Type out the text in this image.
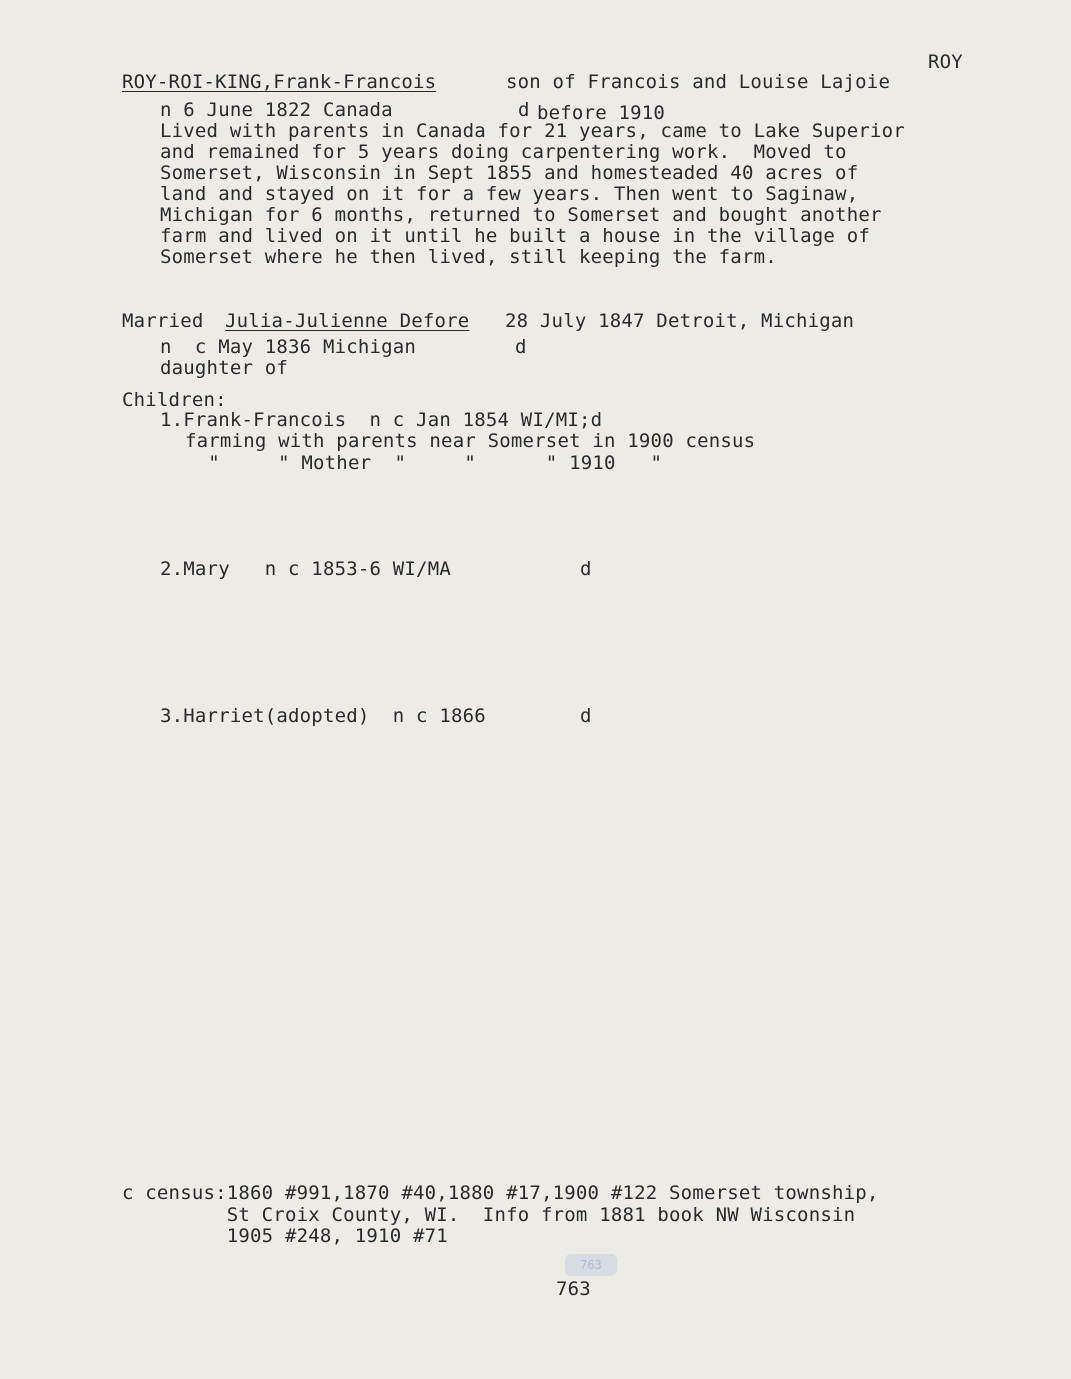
ROY
ROY-ROI-KING,Frank-Francois	son of Francois and Louise Lajoie
n 6 June 1822 Canada	d before 1910
Lived with parents in Canada for 21 years, came to Lake Superior
and remained for 5 years doing carpentering work.  Moved to
Somerset, Wisconsin in Sept 1855 and homesteaded 40 acres of
land and stayed on it for a few years. Then went to Saginaw,
Michigan for 6 months, returned to Somerset and bought another
farm and lived on it until he built a house in the village of
Somerset where he then lived, still keeping the farm.
Married Julia-Julienne Defore 28 July 1847 Detroit, Michigan
n  c May 1836 Michigan	d
daughter of
Children:
1.Frank-Francois  n c Jan 1854 WI/MI;d
farming with parents near Somerset in 1900 census
"     " Mother  "     "      " 1910   "
2.Mary   n c 1853-6 WI/MA	d
3.Harriet(adopted)  n c 1866	d
c census:1860 #991,1870 #40,1880 #17,1900 #122 Somerset township,
St Croix County, WI.  Info from 1881 book NW Wisconsin
1905 #248, 1910 #71
763
763
